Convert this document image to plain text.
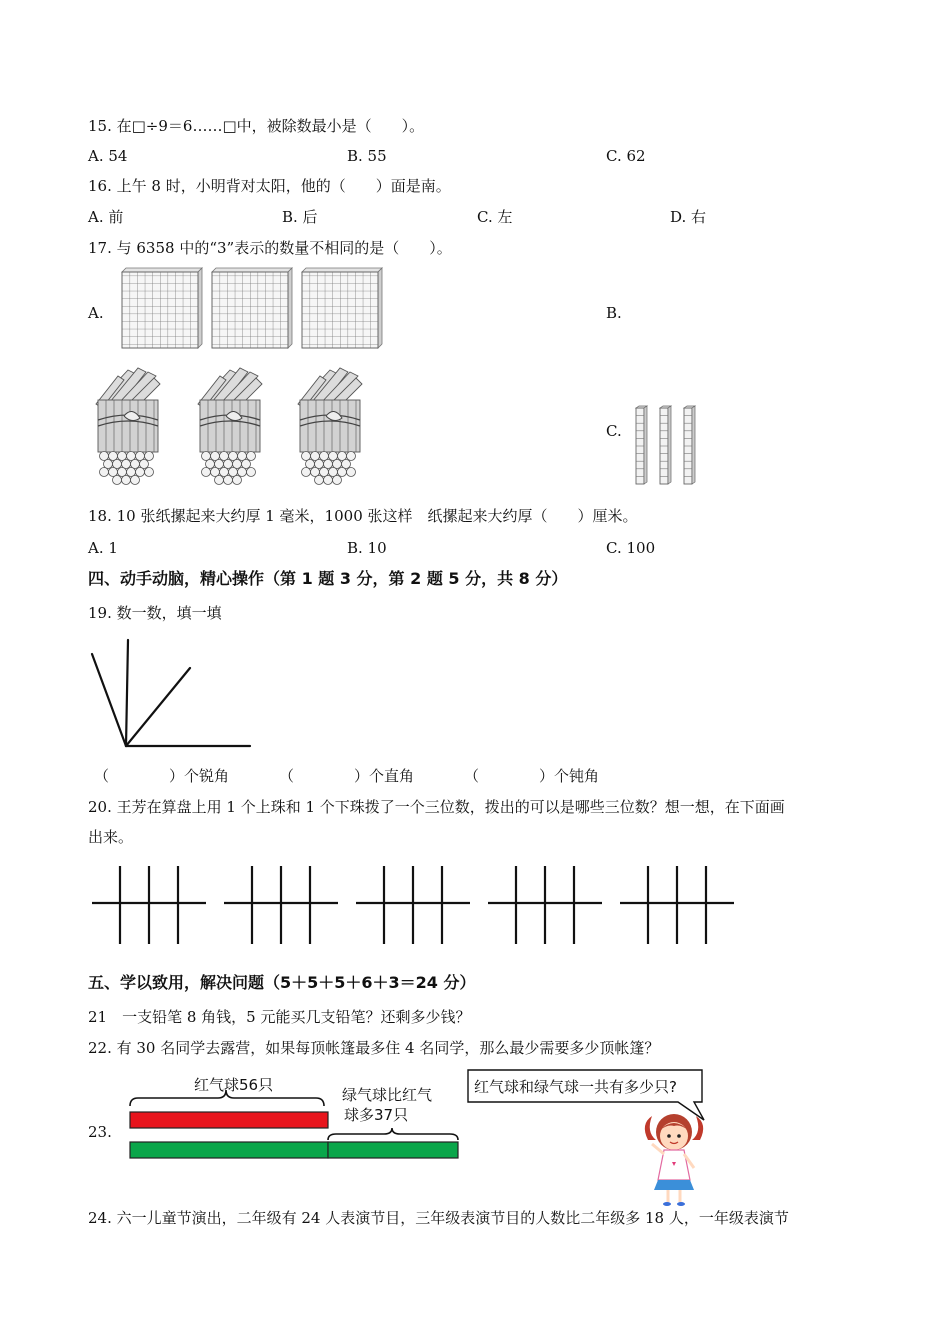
15. 在□÷9＝6……□中，被除数最小是（　　）。
A. 54	B. 55	C. 62
16. 上午 8 时，小明背对太阳，他的（　　）面是南。
A. 前	B. 后	C. 左	D. 右
17. 与 6358 中的“3”表示的数量不相同的是（　　）。
A.	B.
C.
18. 10 张纸摞起来大约厚 1 毫米，1000 张这样　纸摞起来大约厚（　　）厘米。
A. 1	B. 10	C. 100
四、动手动脑，精心操作（第 1 题 3 分，第 2 题 5 分，共 8 分）
19. 数一数，填一填
（　　　　）个锐角	（　　　　）个直角	（　　　　）个钝角
20. 王芳在算盘上用 1 个上珠和 1 个下珠拨了一个三位数，拨出的可以是哪些三位数？想一想，在下面画
出来。
五、学以致用，解决问题（5＋5＋5＋6＋3＝24 分）
21　一支铅笔 8 角钱，5 元能买几支铅笔？还剩多少钱？
22. 有 30 名同学去露营，如果每顶帐篷最多住 4 名同学，那么最少需要多少顶帐篷？
23.
红气球56只
绿气球比红气
球多37只
红气球和绿气球一共有多少只?
24. 六一儿童节演出，二年级有 24 人表演节目，三年级表演节目的人数比二年级多 18 人，一年级表演节
